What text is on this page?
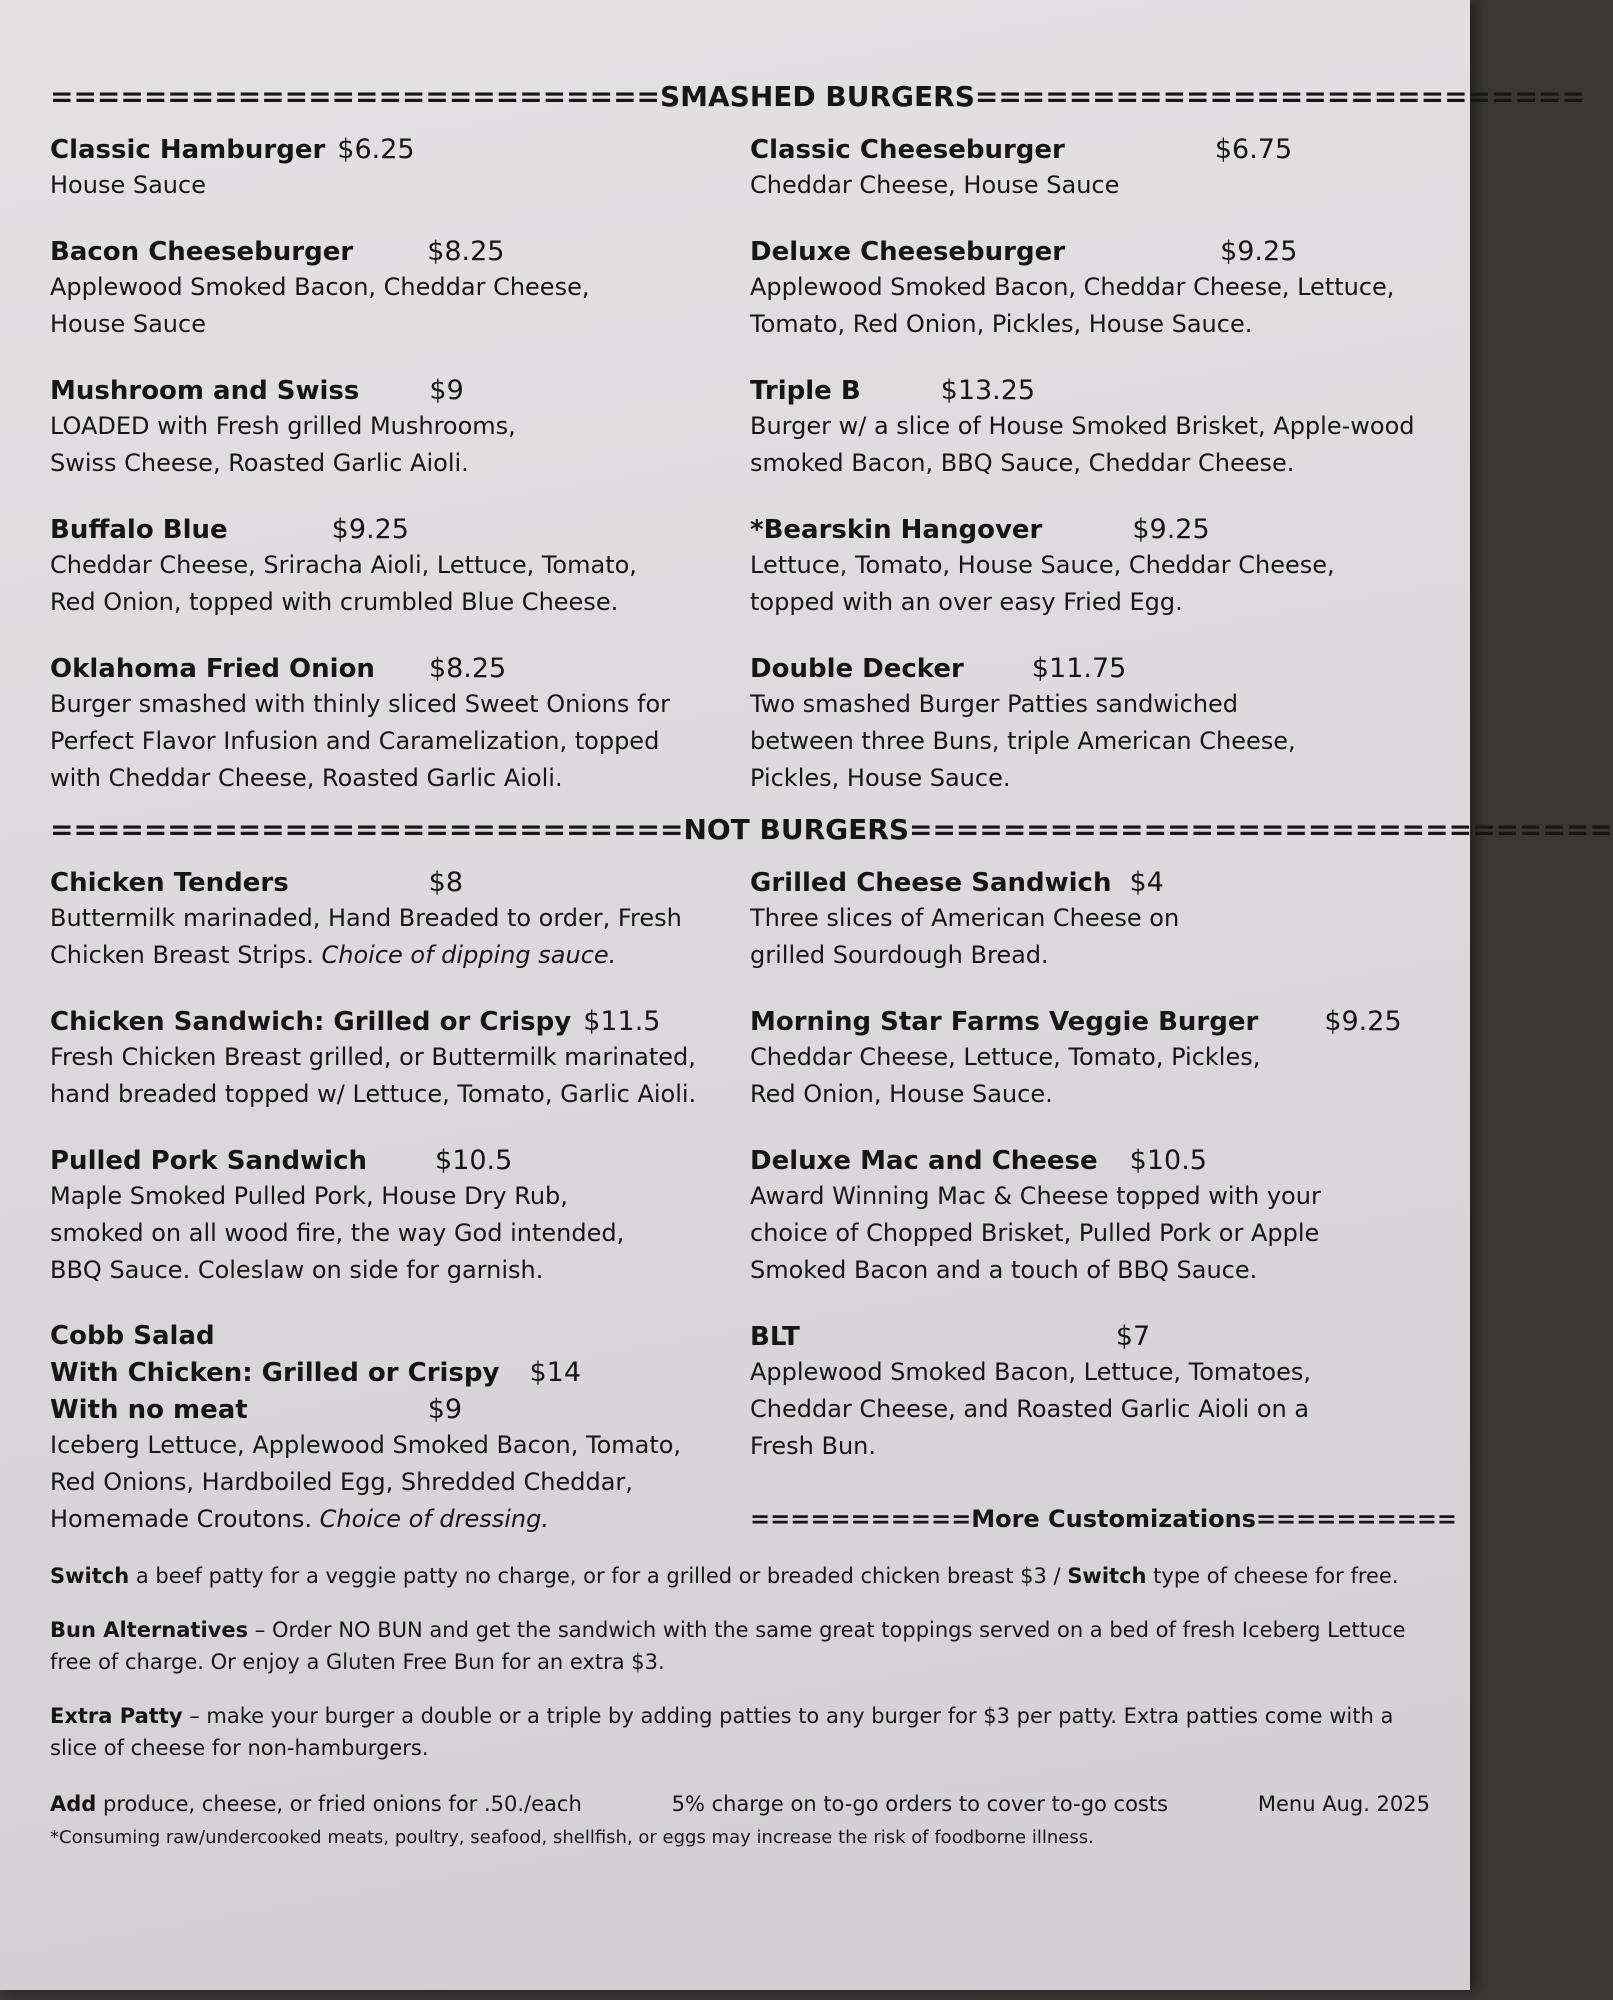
==========================SMASHED BURGERS==========================
Classic Hamburger $6.25
House Sauce
Bacon Cheeseburger	$8.25
Applewood Smoked Bacon, Cheddar Cheese, House Sauce
Mushroom and Swiss	$9
LOADED with Fresh grilled Mushrooms, Swiss Cheese, Roasted Garlic Aioli.
Buffalo Blue	$9.25
Cheddar Cheese, Sriracha Aioli, Lettuce, Tomato, Red Onion, topped with crumbled Blue Cheese.
Oklahoma Fried Onion $8.25
Burger smashed with thinly sliced Sweet Onions for Perfect Flavor Infusion and Caramelization, topped with Cheddar Cheese, Roasted Garlic Aioli.
Classic Cheeseburger	$6.75
Cheddar Cheese, House Sauce
Deluxe Cheeseburger	$9.25
Applewood Smoked Bacon, Cheddar Cheese, Lettuce, Tomato, Red Onion, Pickles, House Sauce.
Triple B	$13.25
Burger w/ a slice of House Smoked Brisket, Apple-wood smoked Bacon, BBQ Sauce, Cheddar Cheese.
*Bearskin Hangover	$9.25
Lettuce, Tomato, House Sauce, Cheddar Cheese, topped with an over easy Fried Egg.
Double Decker	$11.75
Two smashed Burger Patties sandwiched between three Buns, triple American Cheese, Pickles, House Sauce.
===========================NOT BURGERS==============================
Chicken Tenders	$8
Buttermilk marinaded, Hand Breaded to order, Fresh Chicken Breast Strips. Choice of dipping sauce.
Chicken Sandwich: Grilled or Crispy $11.5
Fresh Chicken Breast grilled, or Buttermilk marinated, hand breaded topped w/ Lettuce, Tomato, Garlic Aioli.
Pulled Pork Sandwich	$10.5
Maple Smoked Pulled Pork, House Dry Rub, smoked on all wood fire, the way God intended, BBQ Sauce. Coleslaw on side for garnish.
Cobb Salad
With Chicken: Grilled or Crispy $14
With no meat	$9
Iceberg Lettuce, Applewood Smoked Bacon, Tomato, Red Onions, Hardboiled Egg, Shredded Cheddar, Homemade Croutons. Choice of dressing.
Grilled Cheese Sandwich $4
Three slices of American Cheese on grilled Sourdough Bread.
Morning Star Farms Veggie Burger $9.25
Cheddar Cheese, Lettuce, Tomato, Pickles, Red Onion, House Sauce.
Deluxe Mac and Cheese $10.5
Award Winning Mac & Cheese topped with your choice of Chopped Brisket, Pulled Pork or Apple Smoked Bacon and a touch of BBQ Sauce.
BLT	$7
Applewood Smoked Bacon, Lettuce, Tomatoes, Cheddar Cheese, and Roasted Garlic Aioli on a Fresh Bun.
===========More Customizations==========
Switch a beef patty for a veggie patty no charge, or for a grilled or breaded chicken breast $3 / Switch type of cheese for free.
Bun Alternatives – Order NO BUN and get the sandwich with the same great toppings served on a bed of fresh Iceberg Lettuce free of charge. Or enjoy a Gluten Free Bun for an extra $3.
Extra Patty – make your burger a double or a triple by adding patties to any burger for $3 per patty. Extra patties come with a slice of cheese for non-hamburgers.
Add produce, cheese, or fried onions for .50./each	5% charge on to-go orders to cover to-go costs	Menu Aug. 2025
*Consuming raw/undercooked meats, poultry, seafood, shellfish, or eggs may increase the risk of foodborne illness.
